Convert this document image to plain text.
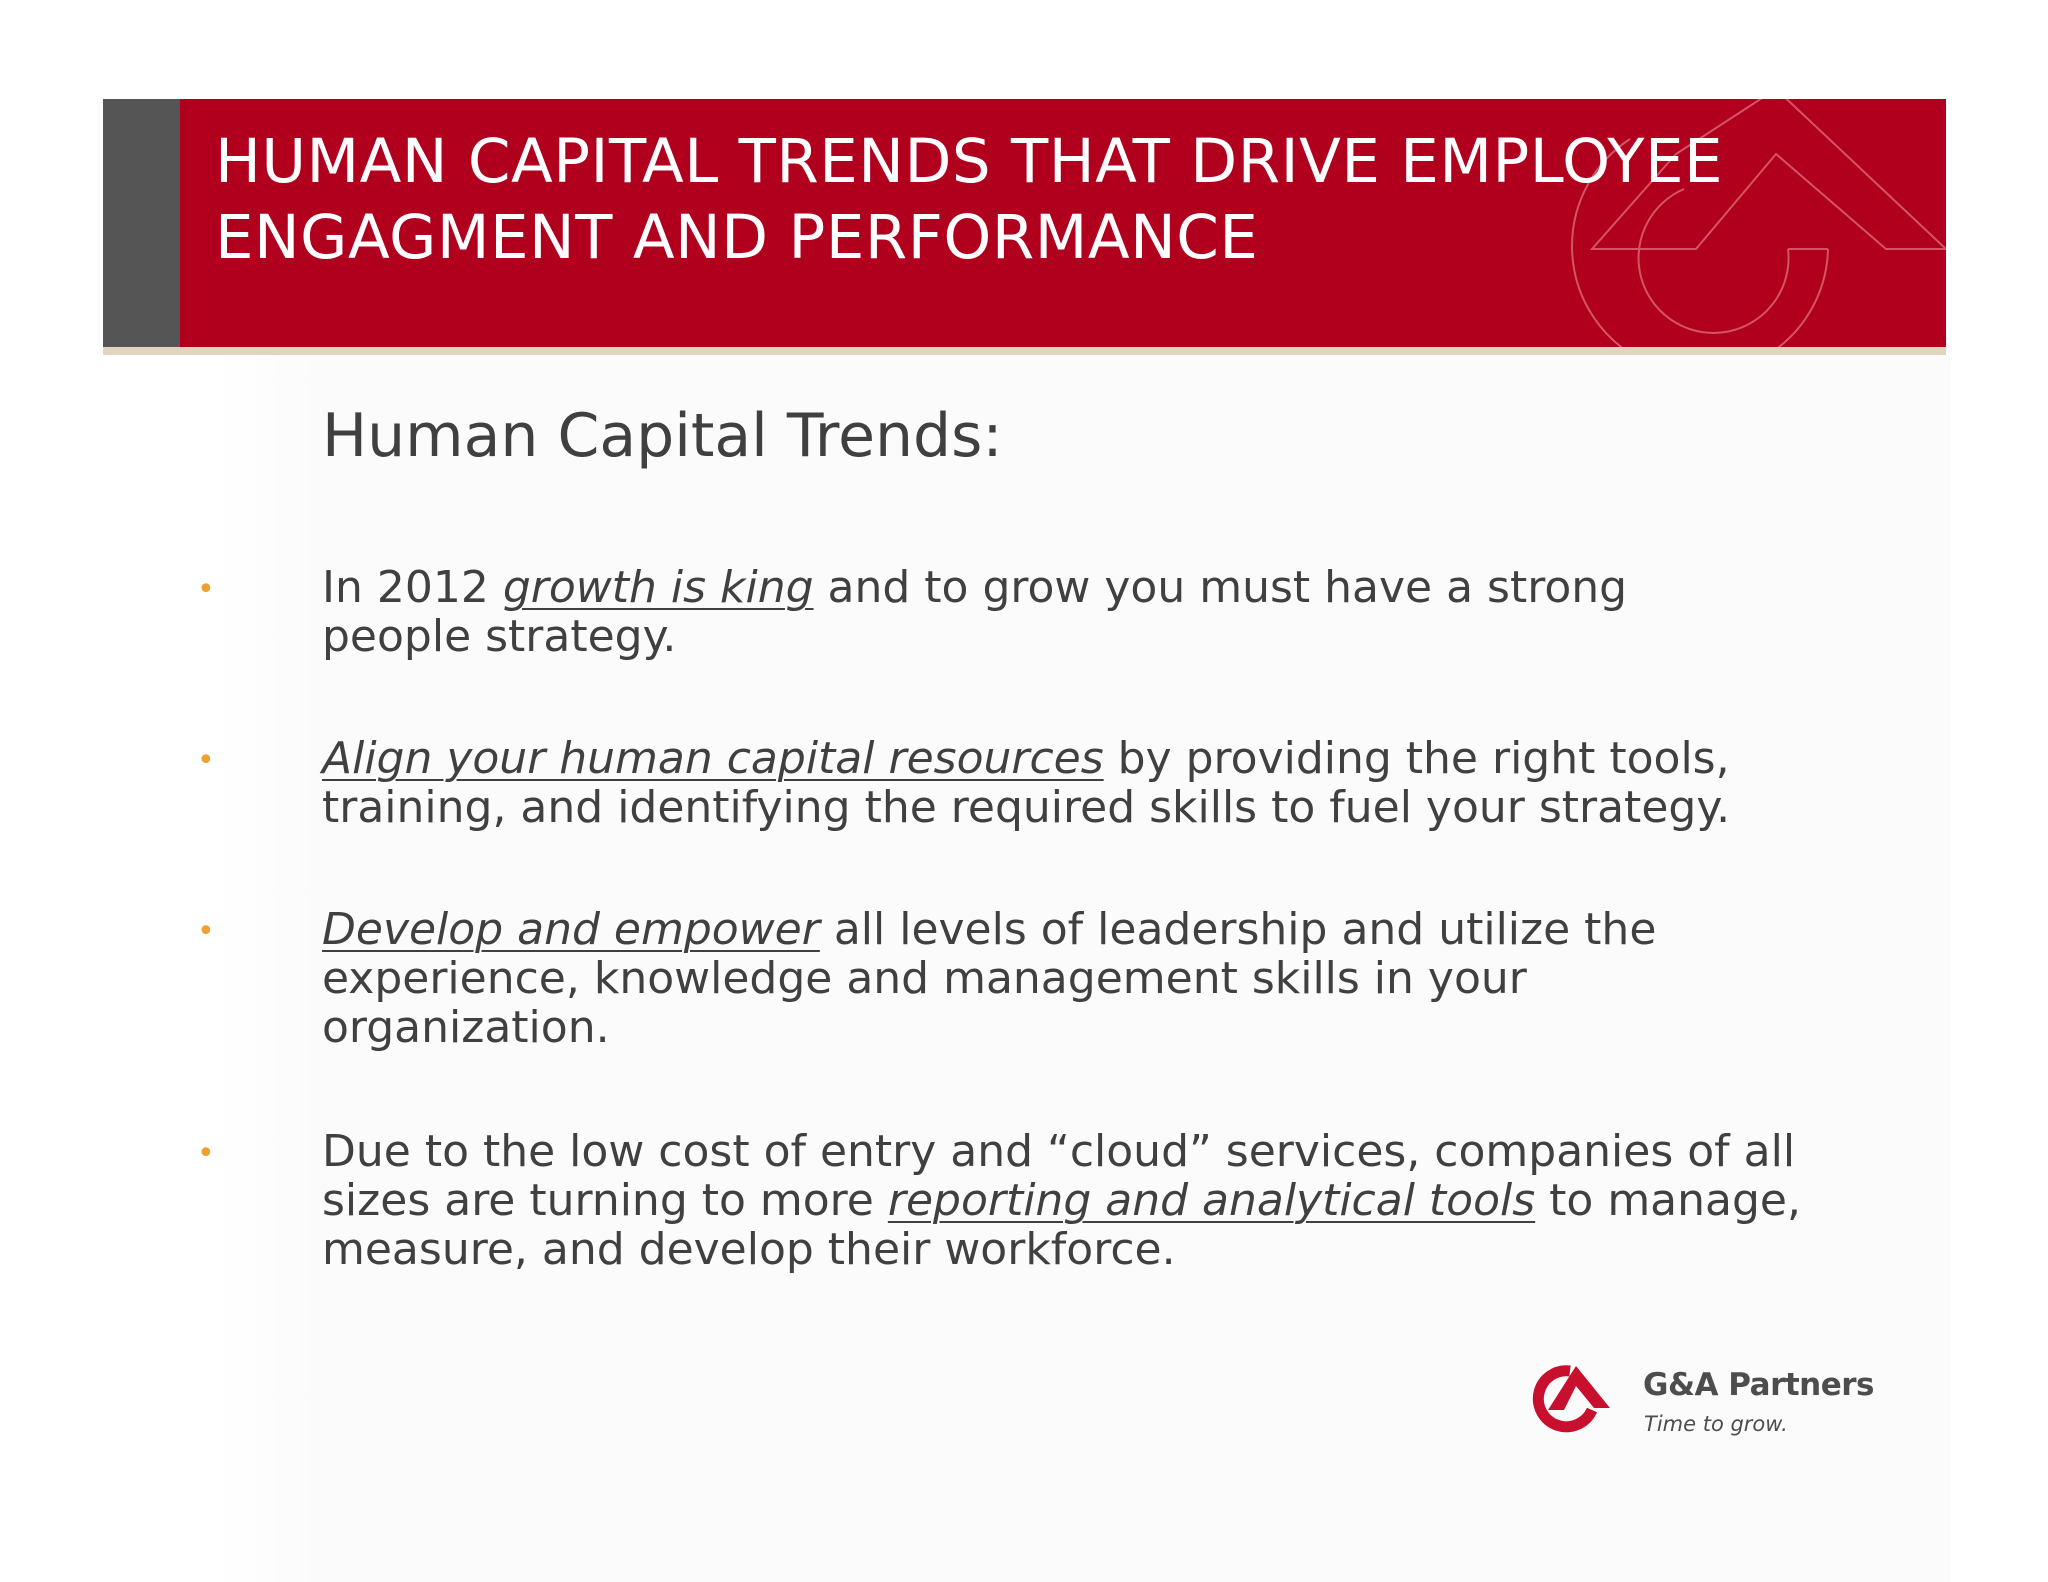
HUMAN CAPITAL TRENDS THAT DRIVE EMPLOYEE
ENGAGMENT AND PERFORMANCE
Human Capital Trends:
• In 2012 growth is king and to grow you must have a strong people strategy.

• Align your human capital resources by providing the right tools, training, and identifying the required skills to fuel your strategy.

• Develop and empower all levels of leadership and utilize the experience, knowledge and management skills in your organization.

• Due to the low cost of entry and “cloud” services, companies of all sizes are turning to more reporting and analytical tools to manage, measure, and develop their workforce.

G&A Partners

Time to grow.
